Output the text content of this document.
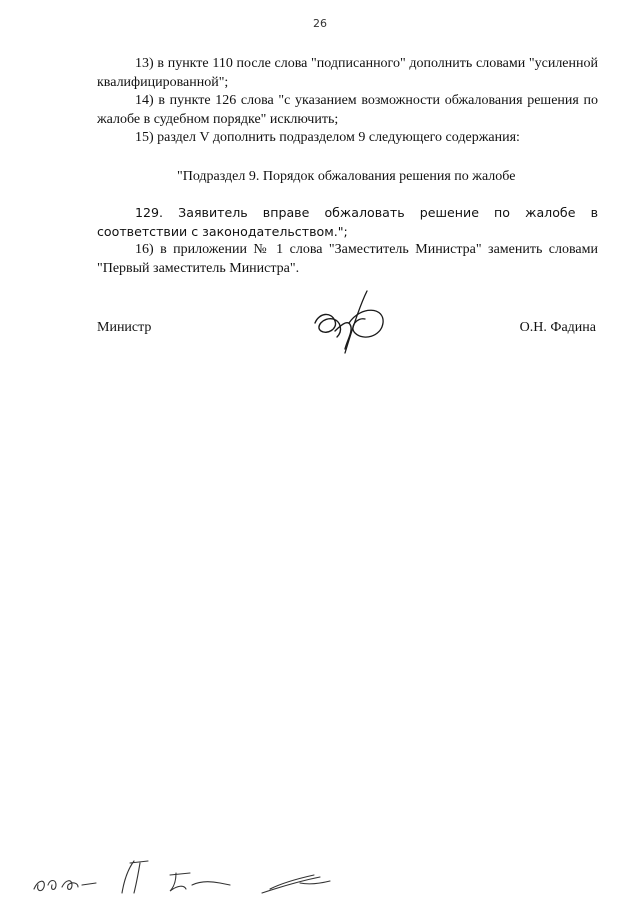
26

13) в пункте 110 после слова "подписанного" дополнить словами "усиленной квалифицированной";

14) в пункте 126 слова "с указанием возможности обжалования решения по жалобе в судебном порядке" исключить;

15) раздел V дополнить подразделом 9 следующего содержания:

"Подраздел 9. Порядок обжалования решения по жалобе

129. Заявитель вправе обжаловать решение по жалобе в соответствии с законодательством.";

16) в приложении № 1 слова "Заместитель Министра" заменить словами "Первый заместитель Министра".

Министр	О.Н. Фадина
